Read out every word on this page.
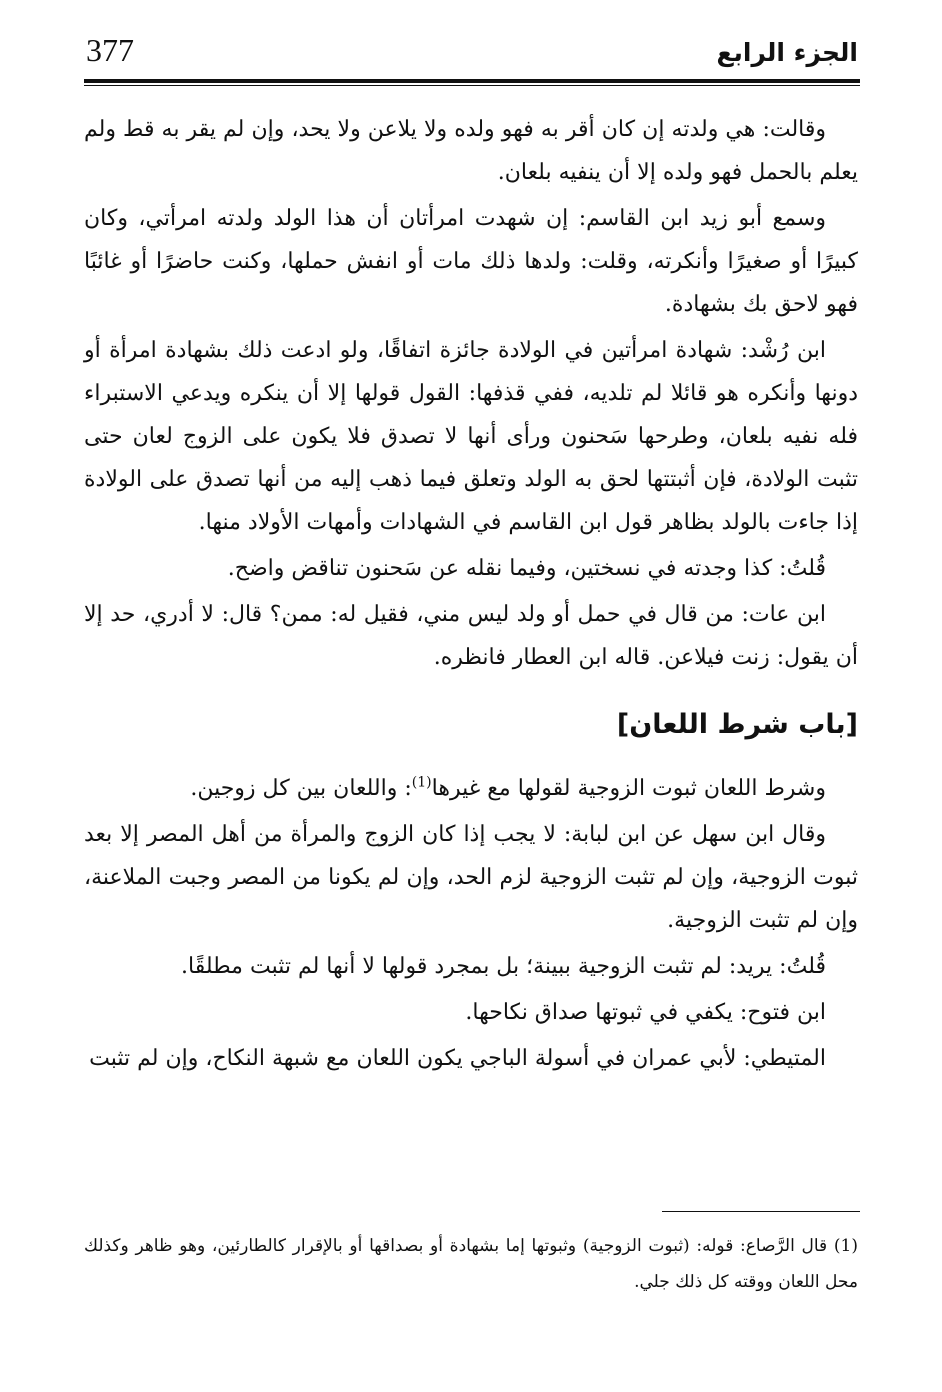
377	الجزء الرابع

وقالت: هي ولدته إن كان أقر به فهو ولده ولا يلاعن ولا يحد، وإن لم يقر به قط ولم يعلم بالحمل فهو ولده إلا أن ينفيه بلعان.

وسمع أبو زيد ابن القاسم: إن شهدت امرأتان أن هذا الولد ولدته امرأتي، وكان كبيرًا أو صغيرًا وأنكرته، وقلت: ولدها ذلك مات أو انفش حملها، وكنت حاضرًا أو غائبًا فهو لاحق بك بشهادة.

ابن رُشْد: شهادة امرأتين في الولادة جائزة اتفاقًا، ولو ادعت ذلك بشهادة امرأة أو دونها وأنكره هو قائلا لم تلديه، ففي قذفها: القول قولها إلا أن ينكره ويدعي الاستبراء فله نفيه بلعان، وطرحها سَحنون ورأى أنها لا تصدق فلا يكون على الزوج لعان حتى تثبت الولادة، فإن أثبتتها لحق به الولد وتعلق فيما ذهب إليه من أنها تصدق على الولادة إذا جاءت بالولد بظاهر قول ابن القاسم في الشهادات وأمهات الأولاد منها.

قُلتُ: كذا وجدته في نسختين، وفيما نقله عن سَحنون تناقض واضح.

ابن عات: من قال في حمل أو ولد ليس مني، فقيل له: ممن؟ قال: لا أدري، حد إلا أن يقول: زنت فيلاعن. قاله ابن العطار فانظره.

[باب شرط اللعان]

وشرط اللعان ثبوت الزوجية لقولها مع غيرها$^{(1)}$: واللعان بين كل زوجين.

وقال ابن سهل عن ابن لبابة: لا يجب إذا كان الزوج والمرأة من أهل المصر إلا بعد ثبوت الزوجية، وإن لم تثبت الزوجية لزم الحد، وإن لم يكونا من المصر وجبت الملاعنة، وإن لم تثبت الزوجية.

قُلتُ: يريد: لم تثبت الزوجية ببينة؛ بل بمجرد قولها لا أنها لم تثبت مطلقًا.

ابن فتوح: يكفي في ثبوتها صداق نكاحها.

المتيطي: لأبي عمران في أسولة الباجي يكون اللعان مع شبهة النكاح، وإن لم تثبت

(1) قال الرَّصاع: قوله: (ثبوت الزوجية) وثبوتها إما بشهادة أو بصداقها أو بالإقرار كالطارئين، وهو ظاهر وكذلك محل اللعان ووقته كل ذلك جلي.
